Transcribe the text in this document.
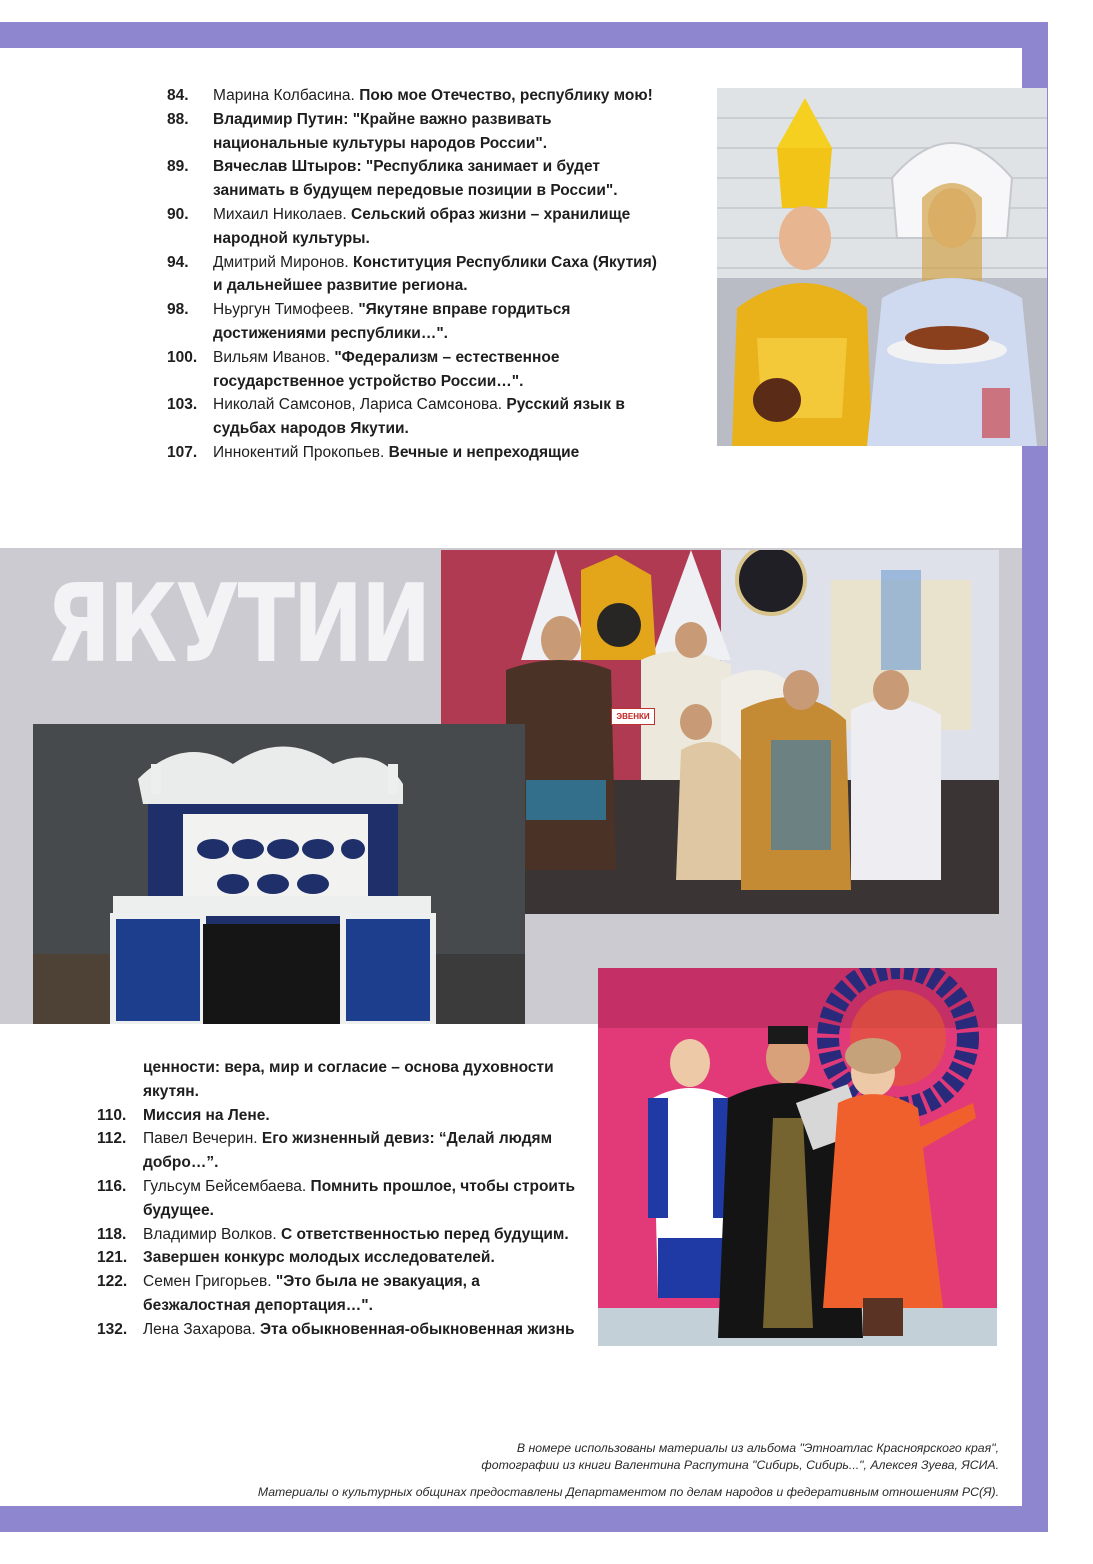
84. Марина Колбасина. Пою мое Отечество, республику мою!
88. Владимир Путин: "Крайне важно развивать национальные культуры народов России".
89. Вячеслав Штыров: "Республика занимает и будет занимать в будущем передовые позиции в России".
90. Михаил Николаев. Сельский образ жизни – хранилище народной культуры.
94. Дмитрий Миронов. Конституция Республики Саха (Якутия) и дальнейшее развитие региона.
98. Ньургун Тимофеев. "Якутяне вправе гордиться достижениями республики…".
100. Вильям Иванов. "Федерализм – естественное государственное устройство России…".
103. Николай Самсонов, Лариса Самсонова. Русский язык в судьбах народов Якутии.
107. Иннокентий Прокопьев. Вечные и непреходящие
ЯКУТИИ
ЭВЕНКИ
ценности: вера, мир и согласие – основа духовности якутян.
110. Миссия на Лене.
112. Павел Вечерин. Его жизненный девиз: “Делай людям добро…”.
116. Гульсум Бейсембаева. Помнить прошлое, чтобы строить будущее.
118. Владимир Волков. С ответственностью перед будущим.
121. Завершен конкурс молодых исследователей.
122. Семен Григорьев. "Это была не эвакуация, а безжалостная депортация…".
132. Лена Захарова. Эта обыкновенная-обыкновенная жизнь

В номере использованы материалы из альбома "Этноатлас Красноярского края",

фотографии из книги Валентина Распутина "Сибирь, Сибирь...", Алексея Зуева, ЯСИА.

Материалы о культурных общинах предоставлены Департаментом по делам народов и федеративным отношениям РС(Я).
